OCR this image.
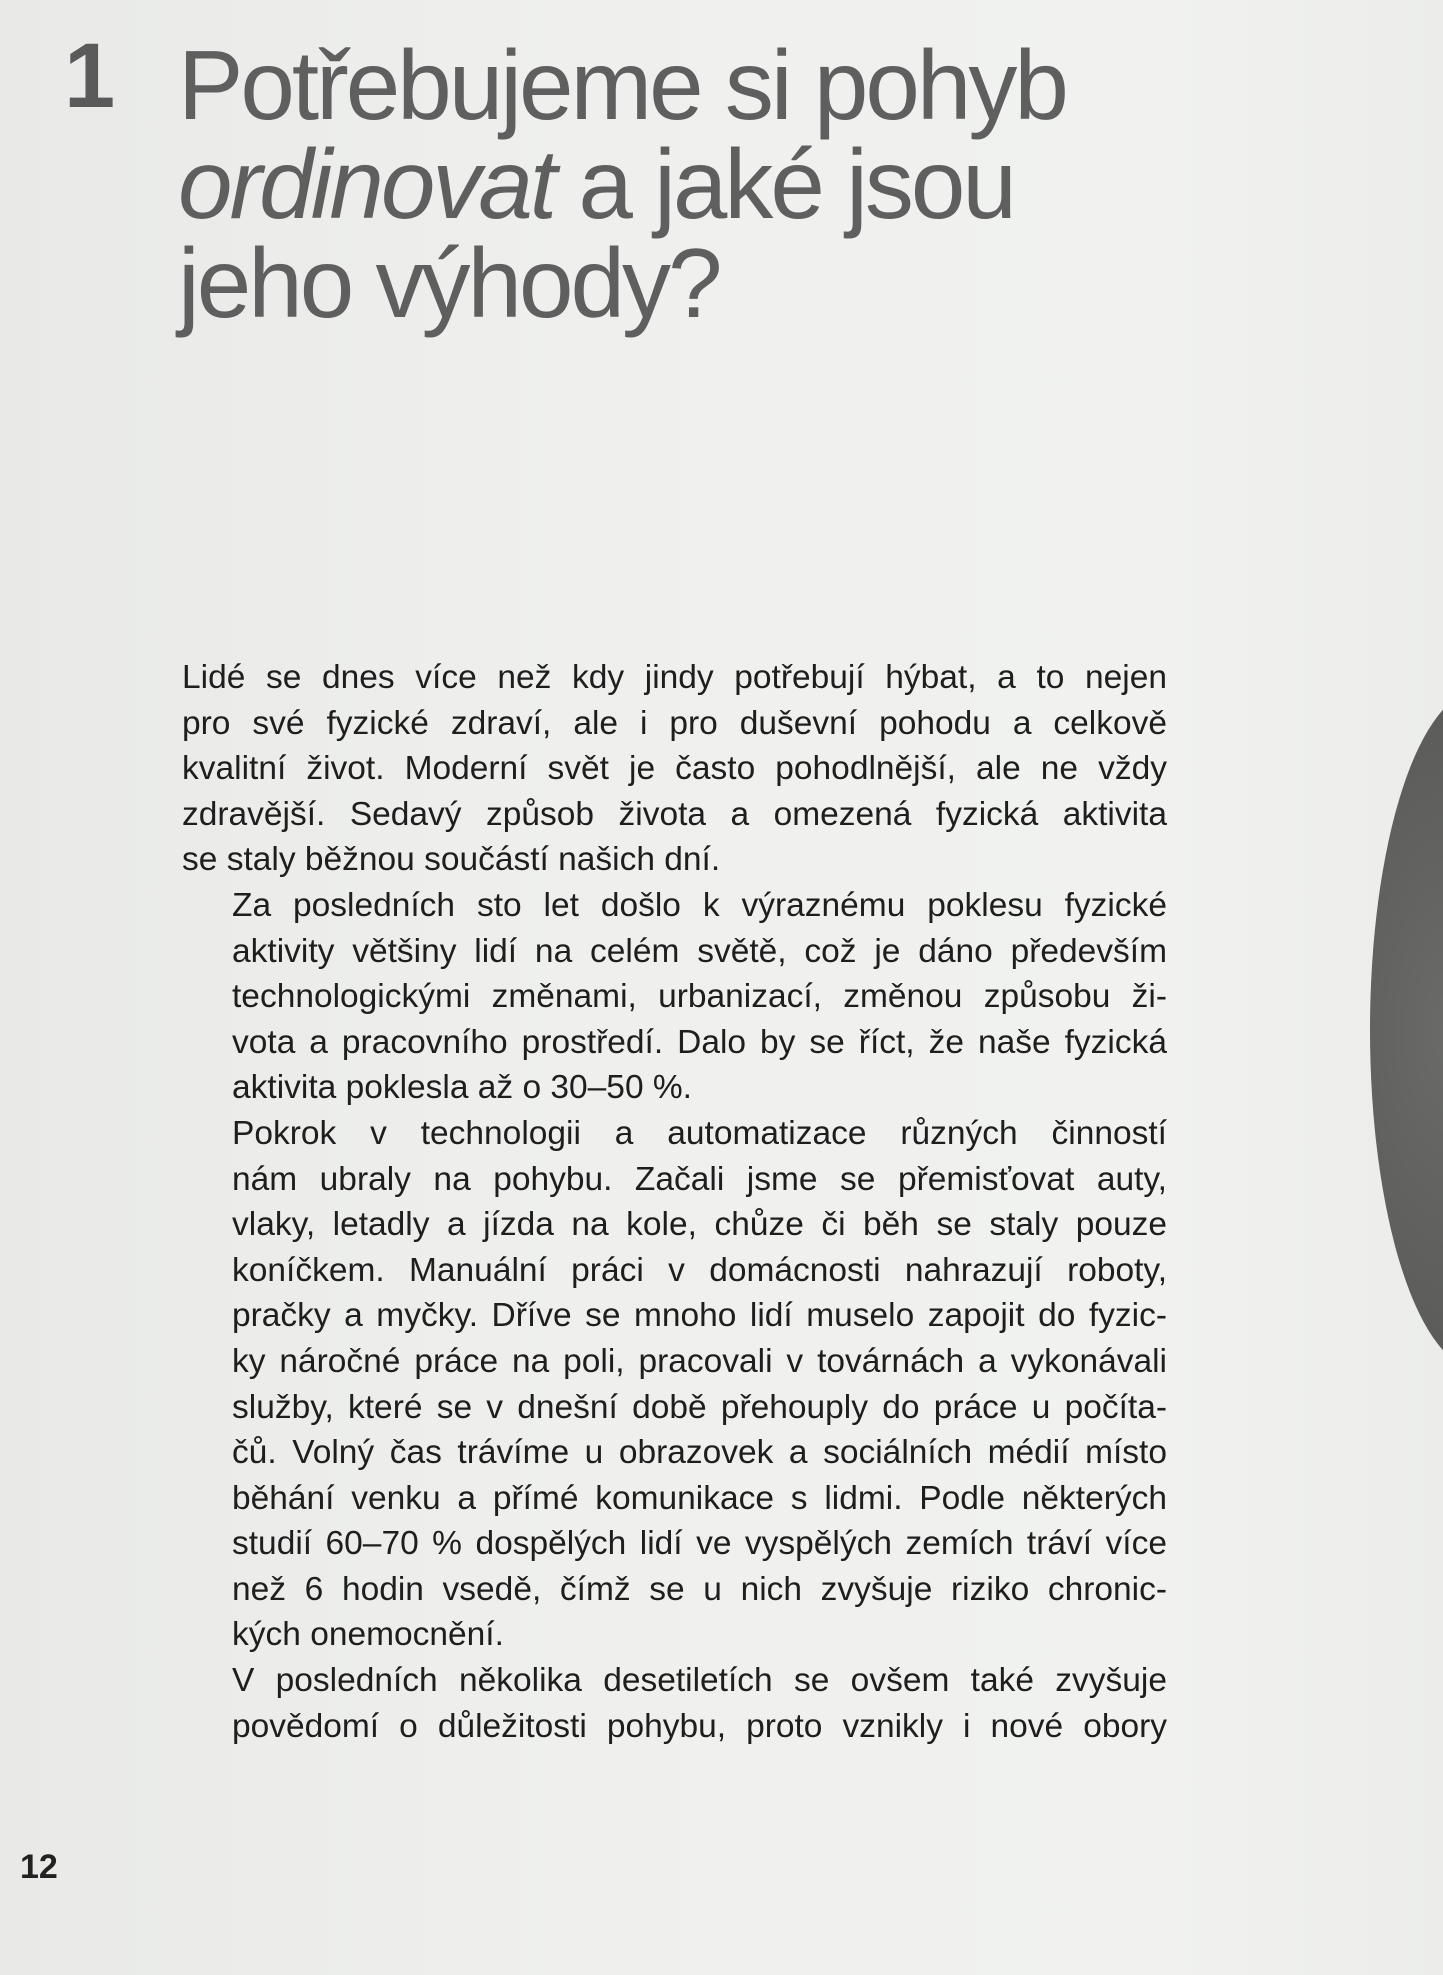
1 Potřebujeme si pohyb
ordinovat a jaké jsou
jeho výhody?

Lidé se dnes více než kdy jindy potřebují hýbat, a to nejen
pro své fyzické zdraví, ale i pro duševní pohodu a celkově
kvalitní život. Moderní svět je často pohodlnější, ale ne vždy
zdravější. Sedavý způsob života a omezená fyzická aktivita
se staly běžnou součástí našich dní.

Za posledních sto let došlo k výraznému poklesu fyzické
aktivity většiny lidí na celém světě, což je dáno především
technologickými změnami, urbanizací, změnou způsobu ži-
vota a pracovního prostředí. Dalo by se říct, že naše fyzická
aktivita poklesla až o 30–50 %.

Pokrok v technologii a automatizace různých činností
nám ubraly na pohybu. Začali jsme se přemisťovat auty,
vlaky, letadly a jízda na kole, chůze či běh se staly pouze
koníčkem. Manuální práci v domácnosti nahrazují roboty,
pračky a myčky. Dříve se mnoho lidí muselo zapojit do fyzic-
ky náročné práce na poli, pracovali v továrnách a vykonávali
služby, které se v dnešní době přehouply do práce u počíta-
čů. Volný čas trávíme u obrazovek a sociálních médií místo
běhání venku a přímé komunikace s lidmi. Podle některých
studií 60–70 % dospělých lidí ve vyspělých zemích tráví více
než 6 hodin vsedě, čímž se u nich zvyšuje riziko chronic-
kých onemocnění.

V posledních několika desetiletích se ovšem také zvyšuje
povědomí o důležitosti pohybu, proto vznikly i nové obory

12
